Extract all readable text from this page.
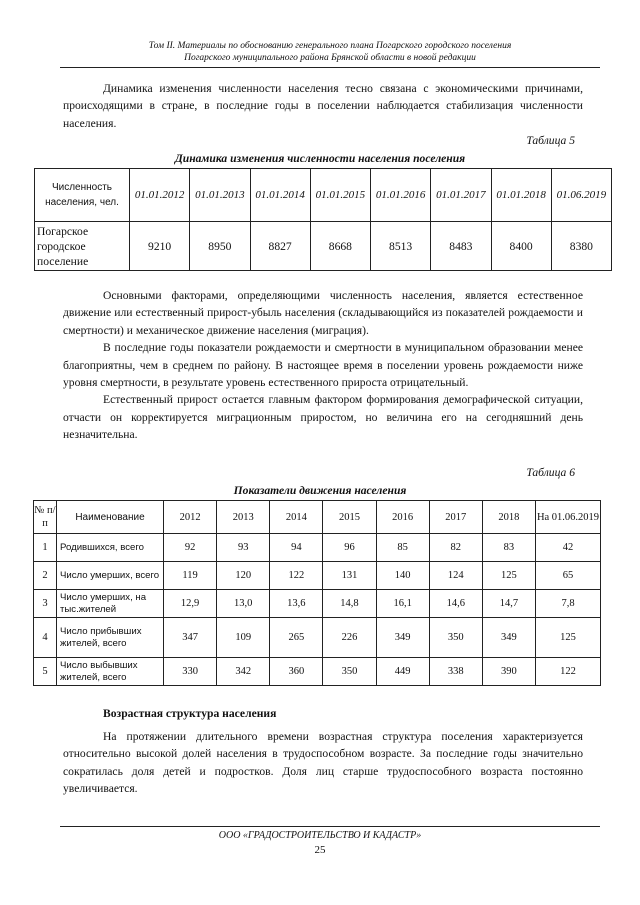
Том II. Материалы по обоснованию генерального плана Погарского городского поселения
Погарского муниципального района Брянской области в новой редакции

Динамика изменения численности населения тесно связана с экономическими причинами, происходящими в стране, в последние годы в поселении наблюдается стабилизация численности населения.

Таблица 5
Динамика изменения численности населения поселения
Численность населения, чел.	01.01.2012	01.01.2013	01.01.2014	01.01.2015	01.01.2016	01.01.2017	01.01.2018	01.06.2019
Погарское городское поселение	9210	8950	8827	8668	8513	8483	8400	8380

Основными факторами, определяющими численность населения, является естественное движение или естественный прирост-убыль населения (складывающийся из показателей рождаемости и смертности) и механическое движение населения (миграция).

В последние годы показатели рождаемости и смертности в муниципальном образовании менее благоприятны, чем в среднем по району. В настоящее время в поселении уровень рождаемости ниже уровня смертности, в результате уровень естественного прироста отрицательный.

Естественный прирост остается главным фактором формирования демографической ситуации, отчасти он корректируется миграционным приростом, но величина его на сегодняшний день незначительна.

Таблица 6
Показатели движения населения
№ п/п	Наименование	2012	2013	2014	2015	2016	2017	2018	На 01.06.2019
1	Родившихся, всего	92	93	94	96	85	82	83	42
2	Число умерших, всего	119	120	122	131	140	124	125	65
3	Число умерших, на тыс.жителей	12,9	13,0	13,6	14,8	16,1	14,6	14,7	7,8
4	Число прибывших жителей, всего	347	109	265	226	349	350	349	125
5	Число выбывших жителей, всего	330	342	360	350	449	338	390	122
Возрастная структура населения

На протяжении длительного времени возрастная структура поселения характеризуется относительно высокой долей населения в трудоспособном возрасте. За последние годы значительно сократилась доля детей и подростков. Доля лиц старше трудоспособного возраста постоянно увеличивается.

ООО «ГРАДОСТРОИТЕЛЬСТВО И КАДАСТР»
25
